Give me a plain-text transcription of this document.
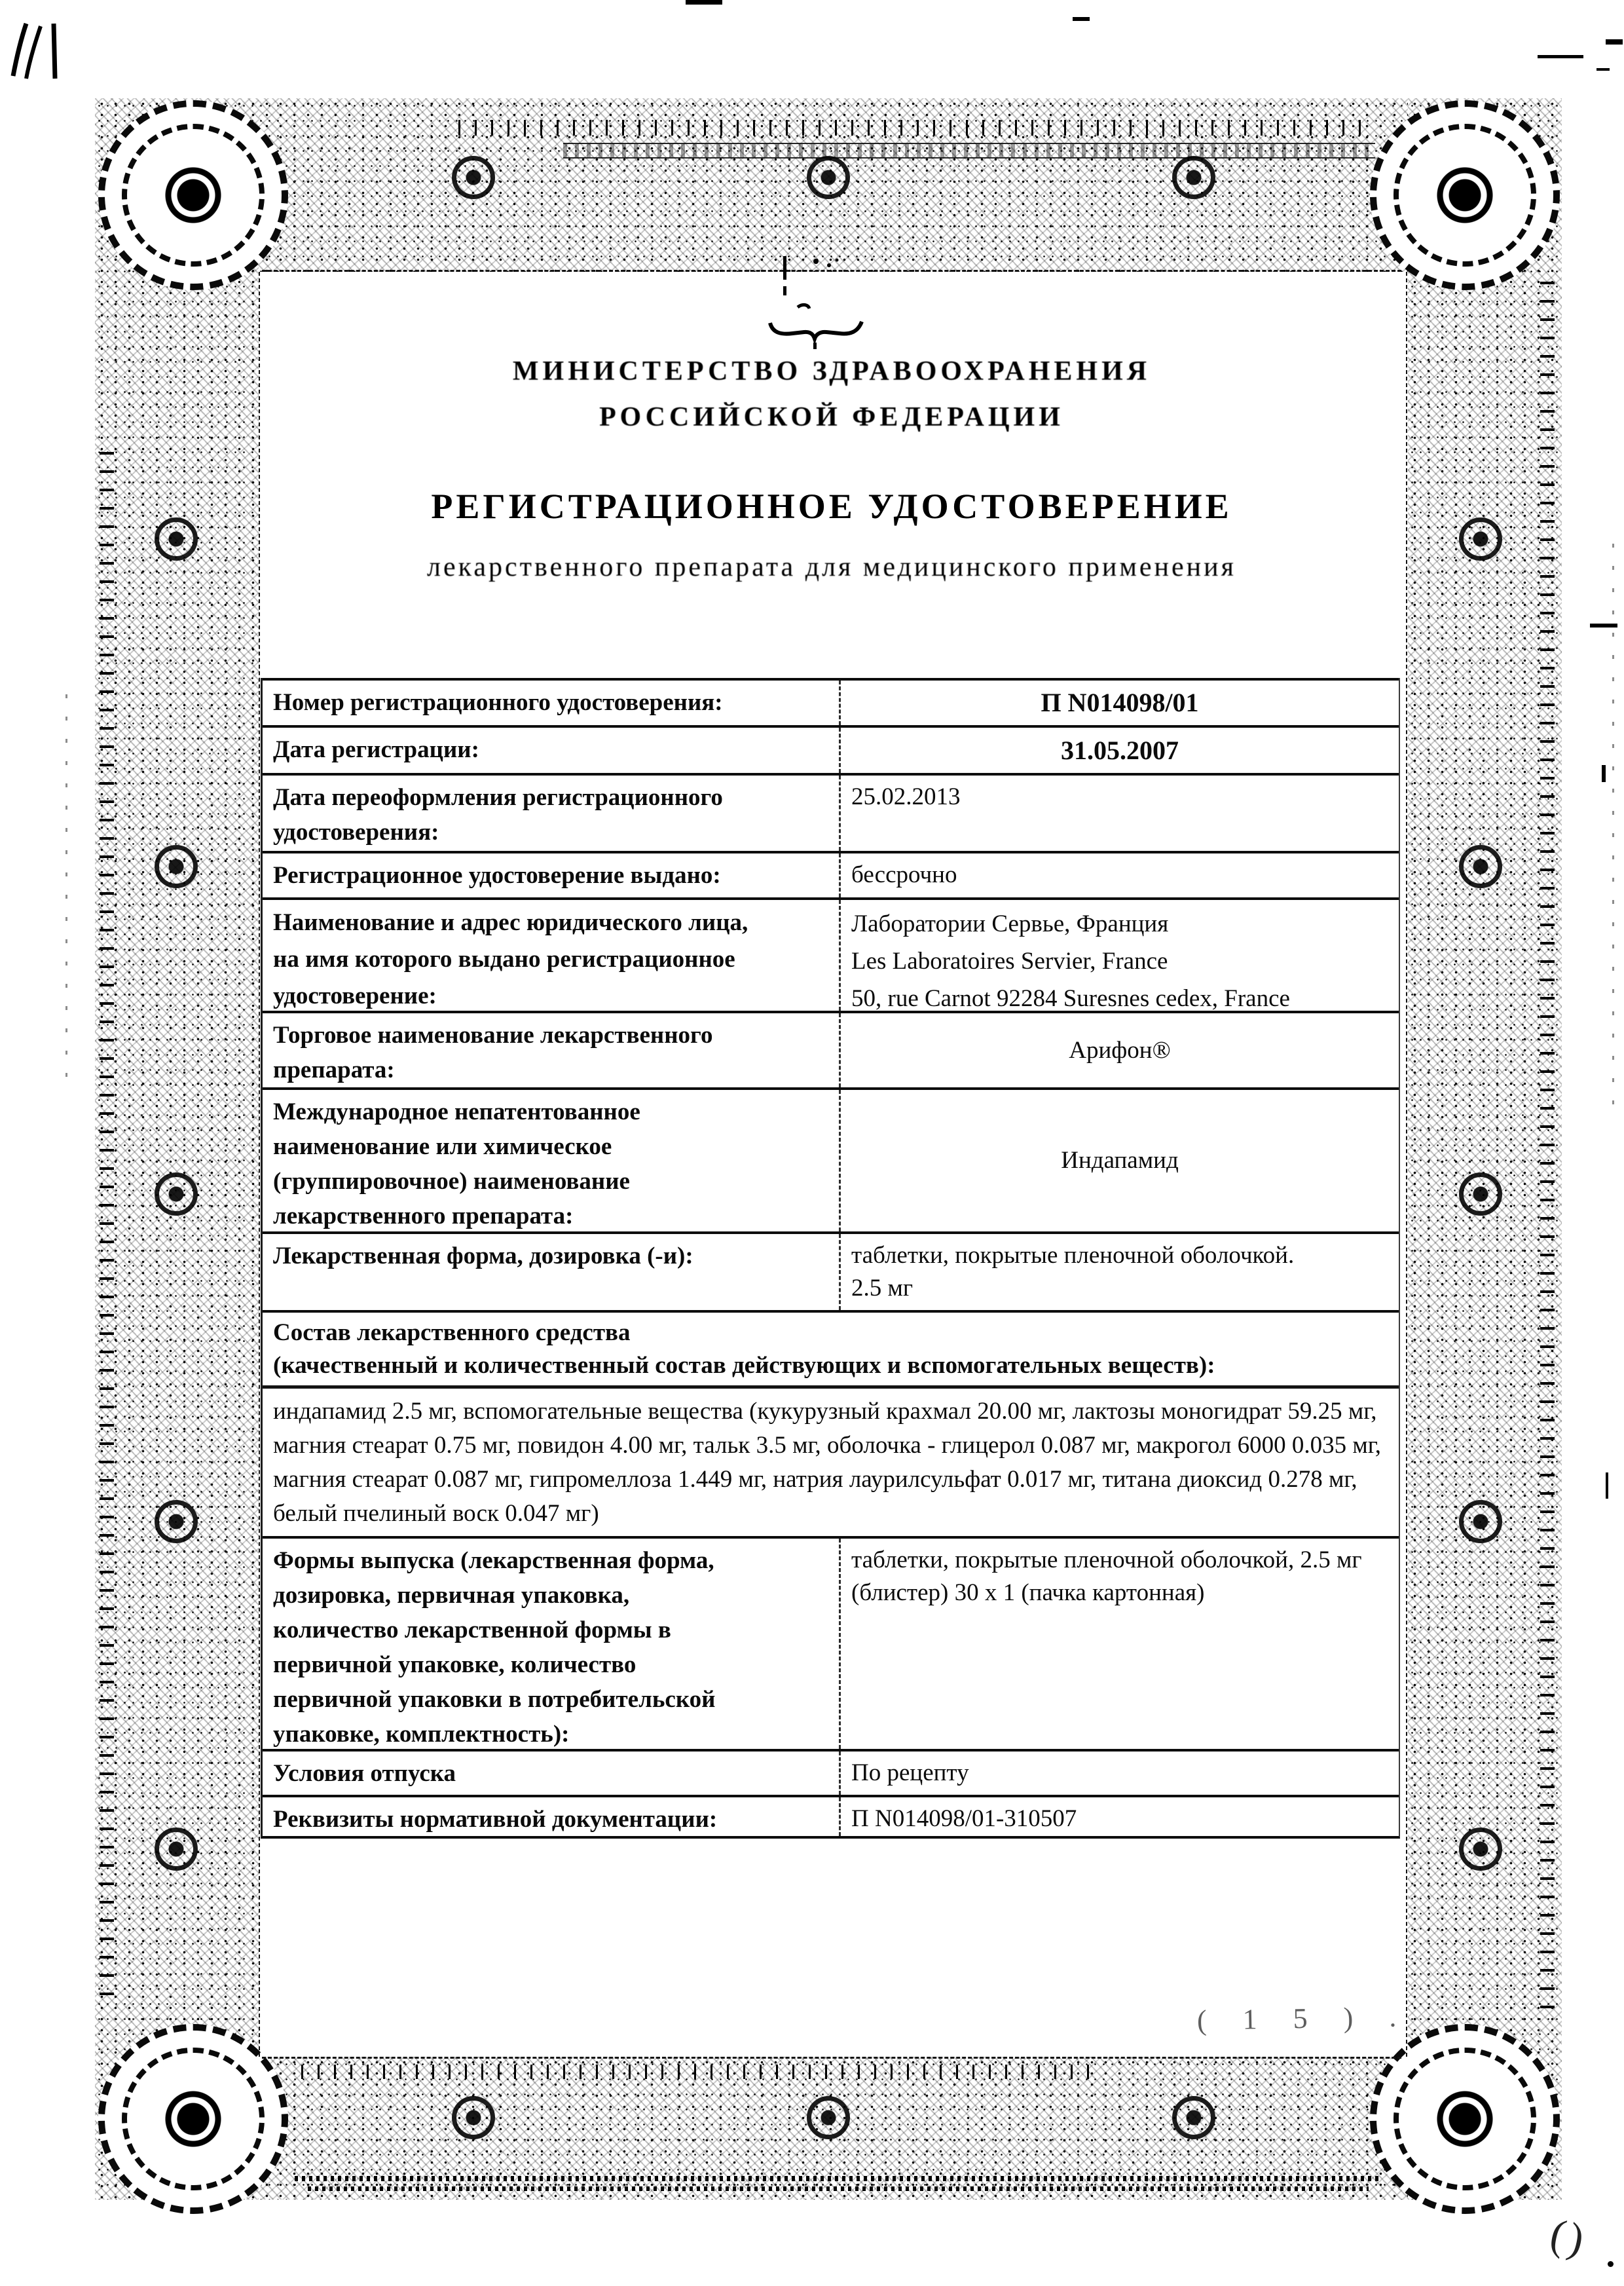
МИНИСТЕРСТВО ЗДРАВООХРАНЕНИЯ
РОССИЙСКОЙ ФЕДЕРАЦИИ
РЕГИСТРАЦИОННОЕ УДОСТОВЕРЕНИЕ
лекарственного препарата для медицинского применения
Номер регистрационного удостоверения:	П N014098/01
Дата регистрации:	31.05.2007
Дата переоформления регистрационного
удостоверения:
25.02.2013
Регистрационное удостоверение выдано:	бессрочно
Наименование и адрес юридического лица,
на имя которого выдано регистрационное
удостоверение:
Лаборатории Сервье, Франция
Les Laboratoires Servier, France
50, rue Carnot 92284 Suresnes cedex, France
Торговое наименование лекарственного
препарата:
Арифон®
Международное непатентованное
наименование или химическое
(группировочное) наименование
лекарственного препарата:
Индапамид
Лекарственная форма, дозировка (-и):	таблетки, покрытые пленочной оболочкой.
2.5 мг
Состав лекарственного средства
(качественный и количественный состав действующих и вспомогательных веществ):
индапамид 2.5 мг, вспомогательные вещества (кукурузный крахмал 20.00 мг, лактозы моногидрат 59.25 мг, магния стеарат 0.75 мг, повидон 4.00 мг, тальк 3.5 мг, оболочка - глицерол 0.087 мг, макрогол 6000 0.035 мг, магния стеарат 0.087 мг, гипромеллоза 1.449 мг, натрия лаурилсульфат 0.017 мг, титана диоксид 0.278 мг, белый пчелиный воск 0.047 мг)
Формы выпуска (лекарственная форма,
дозировка, первичная упаковка,
количество лекарственной формы в
первичной упаковке, количество
первичной упаковки в потребительской
упаковке, комплектность):
таблетки, покрытые пленочной оболочкой, 2.5 мг (блистер) 30 x 1 (пачка картонная)
Условия отпуска	По рецепту
Реквизиты нормативной документации:	П N014098/01-310507
( 1 5 ) .
()
